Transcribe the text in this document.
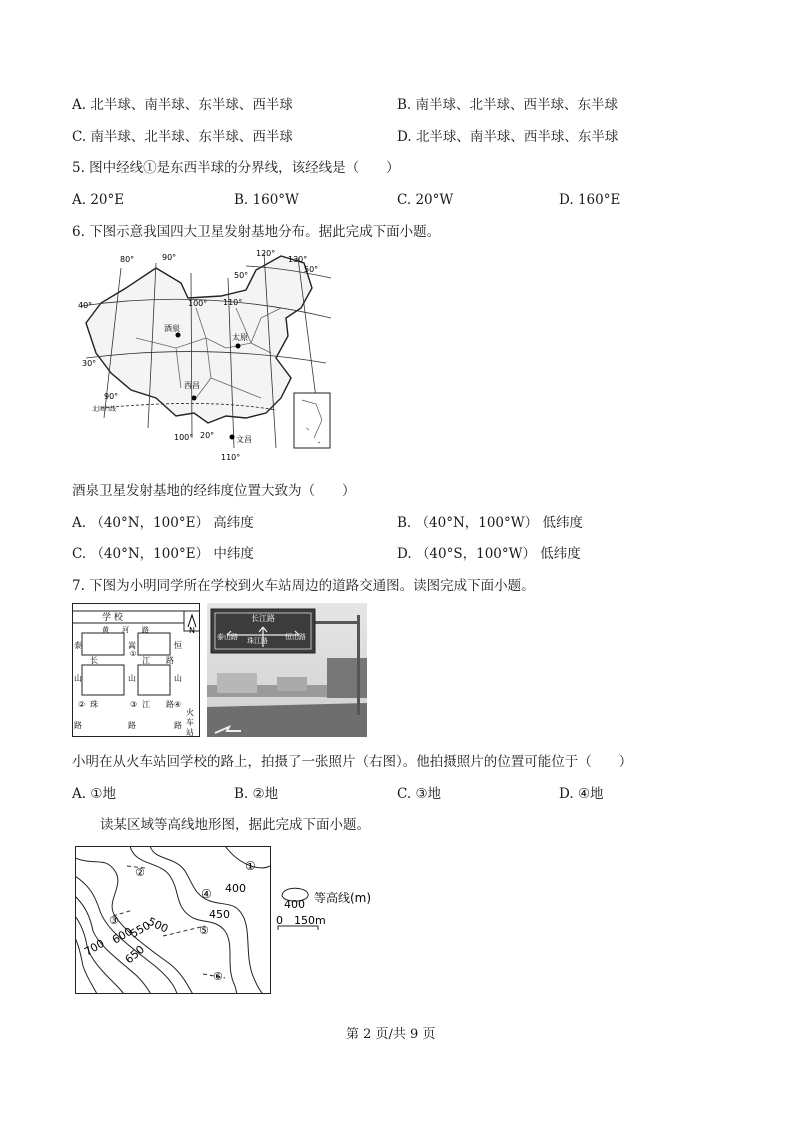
A. 北半球、南半球、东半球、西半球	B. 南半球、北半球、西半球、东半球
C. 南半球、北半球、东半球、西半球	D. 北半球、南半球、西半球、东半球
5. 图中经线①是东西半球的分界线，该经线是（　　）
A. 20°E	B. 160°W	C. 20°W	D. 160°E
6. 下图示意我国四大卫星发射基地分布。据此完成下面小题。
80°	90°	120°
130°
50°
50°
40°	100° 110°
30°
90°
北回归线
100° 20°
110°
酒泉
太原
西昌
文昌
酒泉卫星发射基地的经纬度位置大致为（　　）
A. （40°N，100°E） 高纬度	B. （40°N，100°W） 低纬度
C. （40°N，100°E） 中纬度	D. （40°S，100°W） 低纬度
7. 下图为小明同学所在学校到火车站周边的道路交通图。读图完成下面小题。
N
学 校
黄 河 路
泰
山
路
嵩
山
路
恒
山
路
长	江 路
珠	江 路
火
车
站
①
②	③	④
长江路
泰山路 珠江路 恒山路
小明在从火车站回学校的路上，拍摄了一张照片（右图）。他拍摄照片的位置可能位于（　　）
A. ①地	B. ②地	C. ③地	D. ④地
读某区域等高线地形图，据此完成下面小题。
①
②
③
④
⑤
⑥
400
450
500
550
600
650
700
400 等高线(m)
0 150m
第 2 页/共 9 页
